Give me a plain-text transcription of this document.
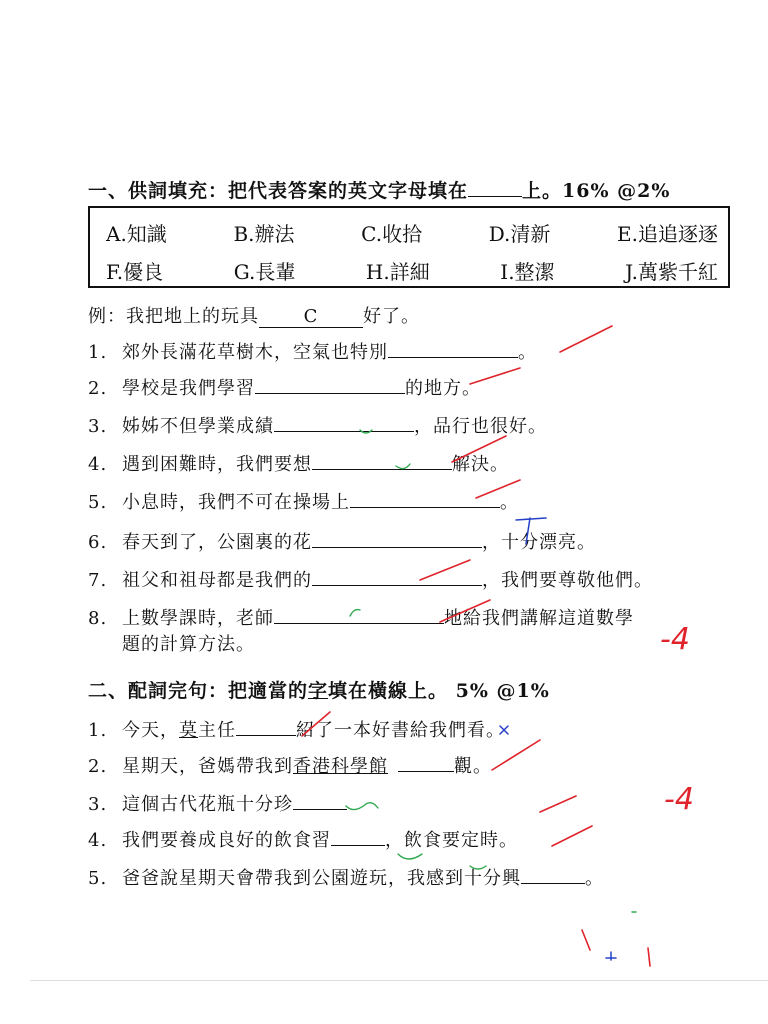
一、供詞填充：把代表答案的英文字母填在	上。16% @2%
A.知識	B.辦法	C.收拾	D.清新	E.追追逐逐
F.優良	G.長輩	H.詳細	I.整潔	J.萬紫千紅
例：我把地上的玩具 C 好了。
1. 郊外長滿花草樹木，空氣也特別	。
2. 學校是我們學習	的地方。
3. 姊姊不但學業成績	，品行也很好。
4. 遇到困難時，我們要想	解決。
5. 小息時，我們不可在操場上	。
6. 春天到了，公園裏的花	，十分漂亮。
7. 祖父和祖母都是我們的	，我們要尊敬他們。
8. 上數學課時，老師	地給我們講解這道數學
題的計算方法。
二、配詞完句：把適當的字填在橫線上。 5% @1%
1. 今天，莫主任	紹了一本好書給我們看。
2. 星期天，爸媽帶我到香港科學館	觀。
3. 這個古代花瓶十分珍
4. 我們要養成良好的飲食習	，飲食要定時。
5. 爸爸說星期天會帶我到公園遊玩，我感到十分興	。
-4
-4
